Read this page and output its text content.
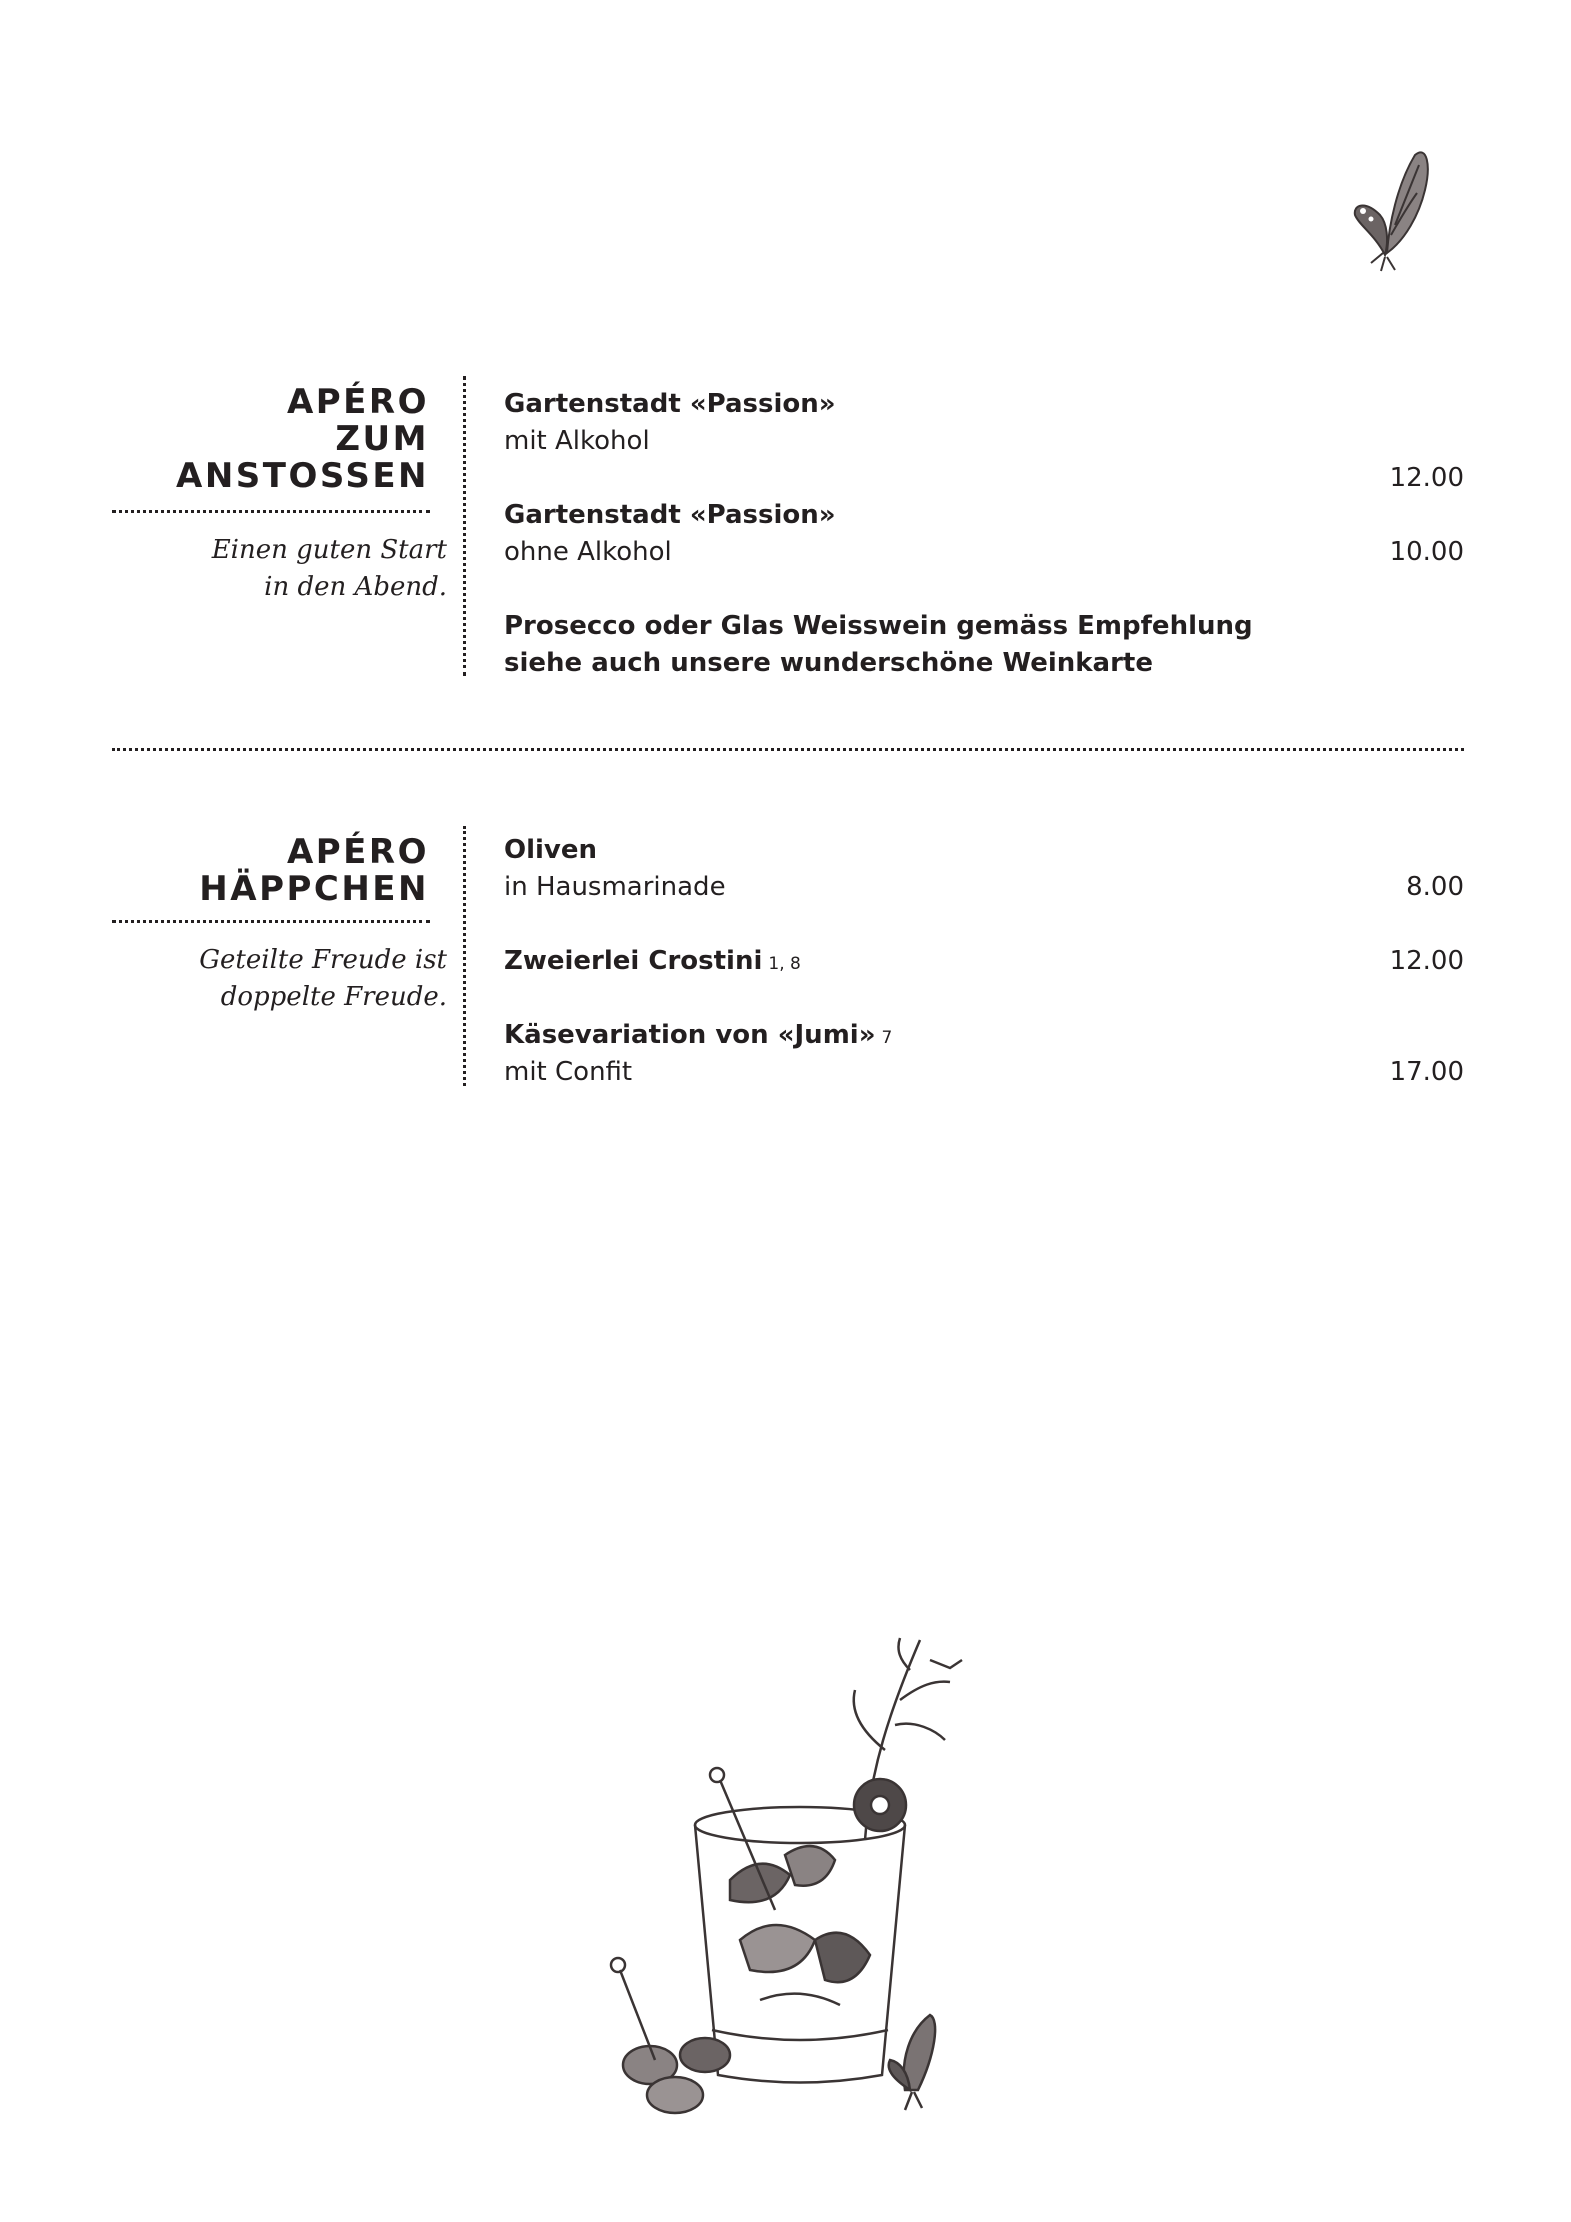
APÉRO
ZUM
ANSTOSSEN
Einen guten Start
in den Abend.
Gartenstadt «Passion»
mit Alkohol
12.00
Gartenstadt «Passion»
ohne Alkohol	10.00
Prosecco oder Glas Weisswein gemäss Empfehlung
siehe auch unsere wunderschöne Weinkarte
APÉRO
HÄPPCHEN
Geteilte Freude ist
doppelte Freude.
Oliven
in Hausmarinade	8.00
Zweierlei Crostini 1, 8	12.00
Käsevariation von «Jumi» 7
mit Confit	17.00
